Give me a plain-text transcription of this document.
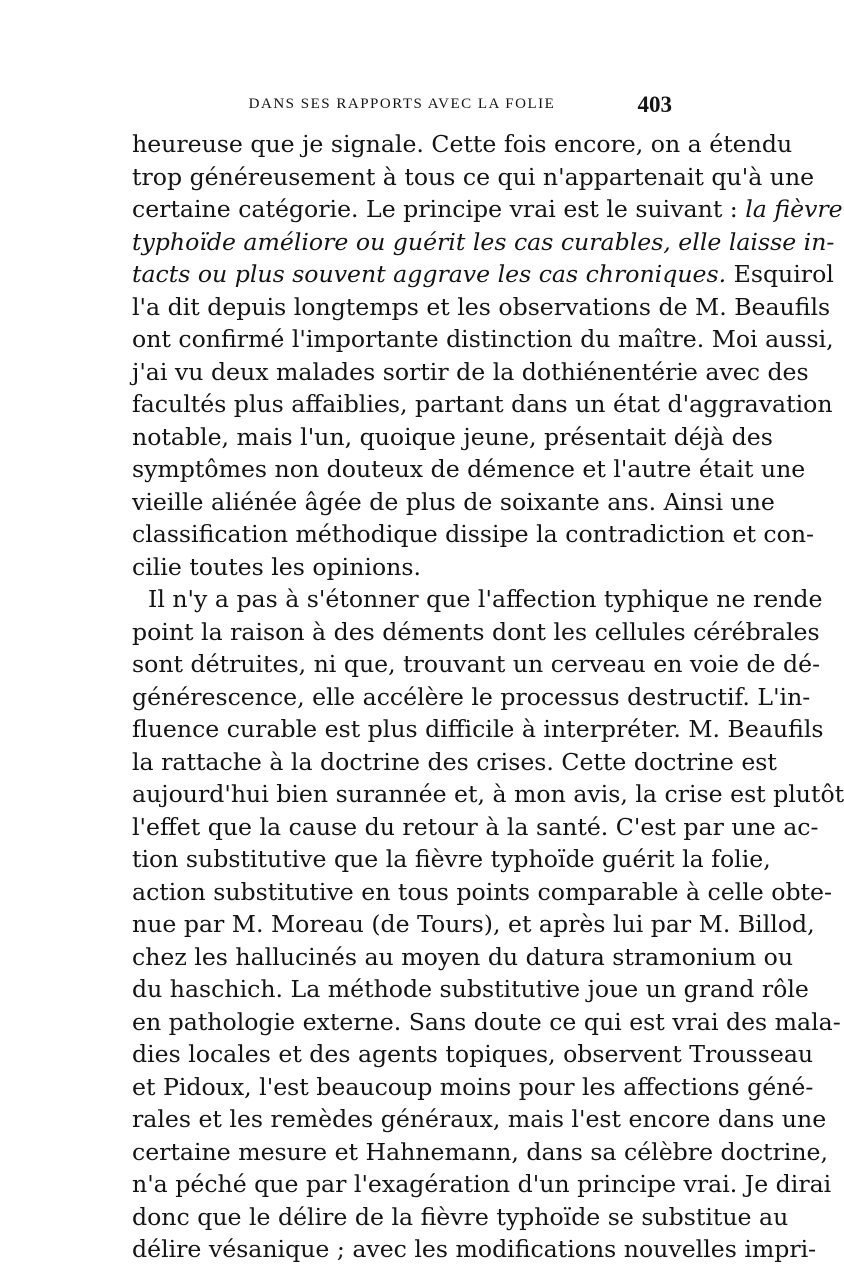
DANS SES RAPPORTS AVEC LA FOLIE	403
heureuse que je signale. Cette fois encore, on a étendu
trop généreusement à tous ce qui n'appartenait qu'à une
certaine catégorie. Le principe vrai est le suivant : la fièvre
typhoïde améliore ou guérit les cas curables, elle laisse in-
tacts ou plus souvent aggrave les cas chroniques. Esquirol
l'a dit depuis longtemps et les observations de M. Beaufils
ont confirmé l'importante distinction du maître. Moi aussi,
j'ai vu deux malades sortir de la dothiénentérie avec des
facultés plus affaiblies, partant dans un état d'aggravation
notable, mais l'un, quoique jeune, présentait déjà des
symptômes non douteux de démence et l'autre était une
vieille aliénée âgée de plus de soixante ans. Ainsi une
classification méthodique dissipe la contradiction et con-
cilie toutes les opinions.
Il n'y a pas à s'étonner que l'affection typhique ne rende
point la raison à des déments dont les cellules cérébrales
sont détruites, ni que, trouvant un cerveau en voie de dé-
générescence, elle accélère le processus destructif. L'in-
fluence curable est plus difficile à interpréter. M. Beaufils
la rattache à la doctrine des crises. Cette doctrine est
aujourd'hui bien surannée et, à mon avis, la crise est plutôt
l'effet que la cause du retour à la santé. C'est par une ac-
tion substitutive que la fièvre typhoïde guérit la folie,
action substitutive en tous points comparable à celle obte-
nue par M. Moreau (de Tours), et après lui par M. Billod,
chez les hallucinés au moyen du datura stramonium ou
du haschich. La méthode substitutive joue un grand rôle
en pathologie externe. Sans doute ce qui est vrai des mala-
dies locales et des agents topiques, observent Trousseau
et Pidoux, l'est beaucoup moins pour les affections géné-
rales et les remèdes généraux, mais l'est encore dans une
certaine mesure et Hahnemann, dans sa célèbre doctrine,
n'a péché que par l'exagération d'un principe vrai. Je dirai
donc que le délire de la fièvre typhoïde se substitue au
délire vésanique ; avec les modifications nouvelles impri-
